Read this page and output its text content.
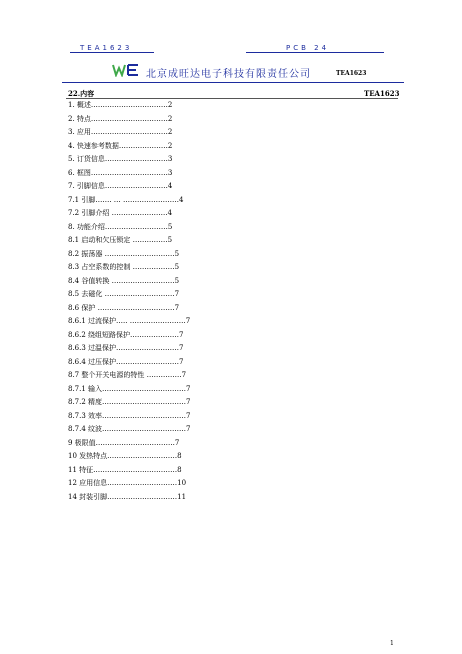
TEA1623	PCB 24
北京成旺达电子科技有限责任公司	TEA1623
22.内容	TEA1623
1. 概述……………………………2
2. 特点……………………………2
3. 应用……………………………2
4. 快速参考数据…………………2
5. 订货信息………………………3
6. 框图……………………………3
7. 引脚信息………………………4
7.1 引脚……. … ……………………4
7.2 引脚介绍 ……………………4
8. 功能介绍………………………5
8.1 启动和欠压锁定 ……………5
8.2 振荡器 …………………………5
8.3 占空系数的控制 ………………5
8.4 谷值转换 ………………………5
8.5 去磁化 …………………………7
8.6 保护 ……………………………7
8.6.1 过流保护….. ……………………7
8.6.2 绕组短路保护…………………7
8.6.3 过温保护………………………7
8.6.4 过压保护………………………7
8.7 整个开关电源的特性 ……………7
8.7.1 输入………………………………7
8.7.2 精度………………………………7
8.7.3 效率………………………………7
8.7.4 纹波………………………………7
9 极限值…………………………….7
10 发热特点…………………………8
11 特征………………………………8
12 应用信息…………………………10
14 封装引脚…………………………11
1
